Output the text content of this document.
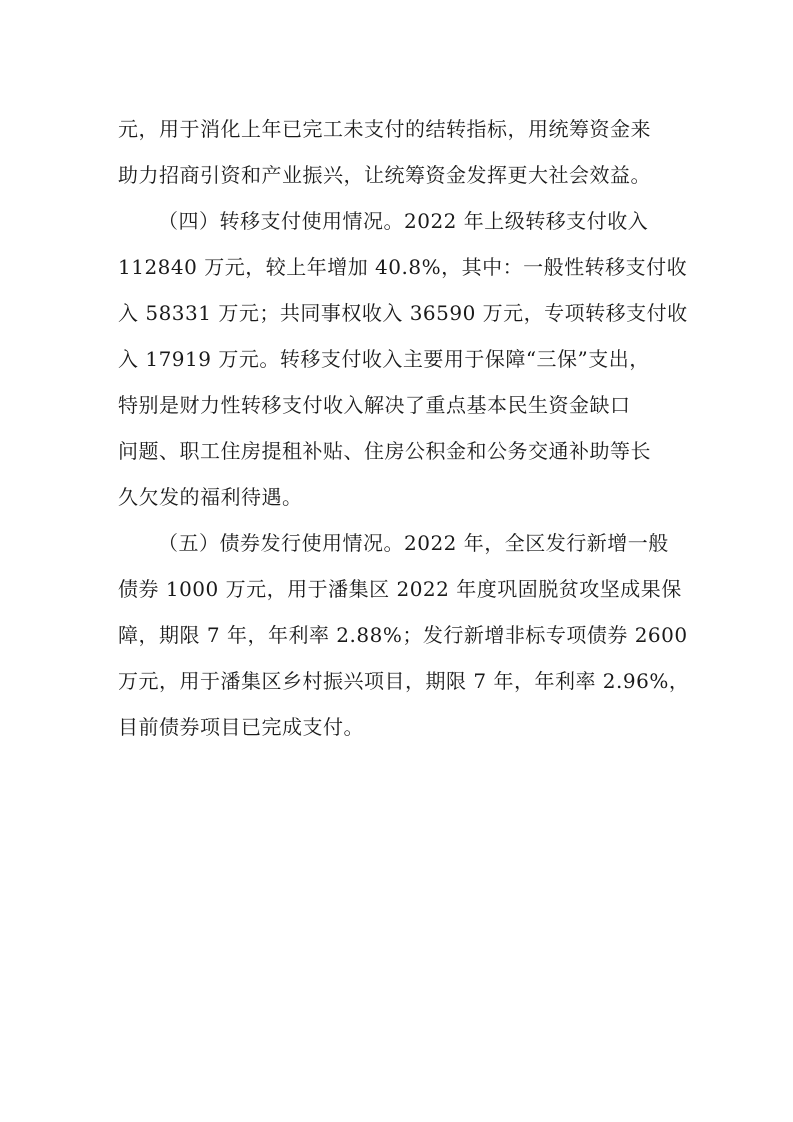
元，用于消化上年已完工未支付的结转指标，用统筹资金来
助力招商引资和产业振兴，让统筹资金发挥更大社会效益。
（四）转移支付使用情况。2022 年上级转移支付收入
112840 万元，较上年增加 40.8%，其中：一般性转移支付收
入 58331 万元；共同事权收入 36590 万元，专项转移支付收
入 17919 万元。转移支付收入主要用于保障“三保”支出，
特别是财力性转移支付收入解决了重点基本民生资金缺口
问题、职工住房提租补贴、住房公积金和公务交通补助等长
久欠发的福利待遇。
（五）债券发行使用情况。2022 年，全区发行新增一般
债券 1000 万元，用于潘集区 2022 年度巩固脱贫攻坚成果保
障，期限 7 年，年利率 2.88%；发行新增非标专项债券 2600
万元，用于潘集区乡村振兴项目，期限 7 年，年利率 2.96%，
目前债券项目已完成支付。
